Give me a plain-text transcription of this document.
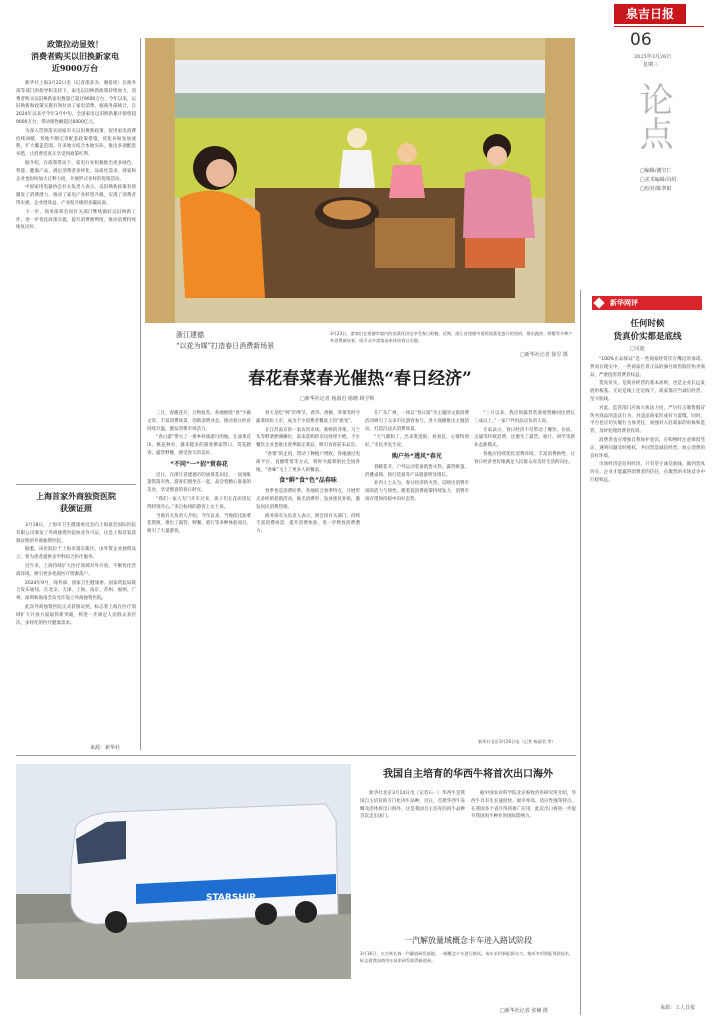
泉吉日报
06
2025年3月26日
星期三
论点
□编辑/谢宝仁
□美术编辑/冯绍
□校对/陈翠娟
政策拉动显效！
消费者购买以旧换新家电
近9000万台

新华社上海3月22日电（记者邵多为、谢希瑶）在商务部等部门的指导和支持下，家电以旧换新政策持续加力，消费者购买以旧换新家电数量已超过9000万台，今年以来，以旧换新和政策实施有效拉动了家电消费。据商务部统计，自2024年以来至今年3月中旬，全国家电以旧换新累计销售超9000万台，带动销售额超过6000亿元。

为深入贯彻落实国家有关以旧换新政策，促进家电消费持续回暖，各地不断完善配套政策措施，优化补贴发放流程，扩大覆盖范围。许多地方结合本地实际，推出多项配套举措，让消费者真正享受到政策红利。

据介绍，在政策带动下，家电行业积极推出更多绿色、智能、健康产品，满足消费者多样化、品质化需求。商家和企业也纷纷加大让利力度，开展形式多样的促销活动。

中国家用电器协会有关负责人表示，以旧换新政策有效激发了消费潜力，推动了家电产业转型升级，实现了消费者得实惠、企业增效益、产业促升级的多赢局面。

下一步，商务部将会同有关部门继续做好以旧换新工作，进一步优化政策实施，提升消费便利度，推动消费持续恢复向好。

上海首家外商独资医院
获颁证照

3月18日，上海市卫生健康委员会向上海嘉会国际医院有限公司颁发了外商独资医院执业许可证，这是上海首家获颁证照的外商独资医院。

据悉，该医院位于上海市浦东新区，由外资企业独资设立，将为患者提供多学科综合医疗服务。

近年来，上海持续扩大医疗领域对外开放，不断优化营商环境，吸引更多优质医疗资源落户。

2024年9月，商务部、国家卫生健康委、国家药监局联合发布通知，在北京、天津、上海、南京、苏州、福州、广州、深圳和海南全岛允许设立外商独资医院。

此次外商独资医院正式获颁证照，标志着上海在医疗领域扩大开放方面取得新突破，将进一步满足人民群众多层次、多样化的医疗健康需求。

来源：新华社
浙江建德
“以花为媒”打造春日消费新场景
3月23日，游客们在建德市境内的油菜花田边享受春日野餐。近期，浙江省建德市借助油菜花盛开的契机，推出露营、野餐等多种户外消费新场景，吸引众多游客前来体验春日乐趣。
□新华社记者 徐昱 摄
春花春菜春光催热“春日经济”
□新华社记者 杨淑君 杨珊 顾宇辉

三月，春暖花开，万物复苏。各地围绕“春”字做文章，丰富消费场景，创新消费业态，推动春日经济持续升温，激发消费市场活力。

“春日游”带火了一批乡村旅游目的地。在油菜花田、桃花林旁，越来越多的游客携家带口，赏花踏青、露营野餐，感受春天的美好。

“不同”一“招”赏春花

近日，在浙江省建德市的油菜花田边，一顶顶帐篷错落有致，游客们围坐在一起，品尝着精心准备的美食，享受惬意的春日时光。

“我们一家人专门开车过来，孩子们在花田里玩得特别开心。”来自杭州的游客王女士说。

当地有关负责人介绍，今年以来，当地依托油菜花资源，推出了露营、野餐、骑行等多种体验项目，吸引了大量游客。

春天是吃“鲜”的季节。春笋、香椿、荠菜等时令蔬菜纷纷上市，成为不少消费者餐桌上的“新宠”。

在江苏南京的一家农贸市场，新鲜的荠菜、马兰头等野菜摆满摊位，前来选购的市民络绎不绝。不少餐饮企业也推出春季限定菜品，吸引食客前来品尝。

“春菜”的走俏，带动了种植户增收。各地通过电商平台、直播带货等方式，将时令蔬菜销往全国各地，“春味”飞上了更多人的餐桌。

食“鲜”食“色”品春味

春季也是消费旺季。各地结合春季特点，开展形式多样的促销活动，推出消费券，发放惠民补贴，激发居民消费热情。

商务部有关负责人表示，将会同有关部门，持续丰富消费场景，提升消费体验，进一步释放消费潜力。

在广东广州，一场以“春日游”为主题的文旅消费活动吸引了众多市民游客参与。各大商圈推出主题活动，打造沉浸式消费场景。

“天气暖和了，出来逛逛街、看看花，心情特别好。”市民李先生说。

购户外“透风”春光

春暖花开，户外运动装备销售火热。露营帐篷、折叠桌椅、骑行装备等产品销量明显增长。

业内人士认为，春日经济的火热，反映出消费市场的活力与韧性。随着促消费政策持续发力，消费市场有望保持稳中向好态势。

“三月以来，我店的露营装备销售额同比增长三成以上。”一家户外用品店负责人说。

专家表示，春日经济不仅带动了餐饮、住宿、交通等传统消费，还催生了露营、骑行、研学等新业态新模式。

各地应持续优化消费环境，丰富消费供给，让春日经济更好地满足人民群众对美好生活的向往。

新华社北京3月20日电（记者 杨淑君 等）
STARSHIP
我国自主培育的华西牛将首次出口海外

新华社北京3月14日电（记者石一）华西牛是我国自主培育的专门化肉牛品种，近日，首批华西牛冻精及活体将出口海外，这是我国自主培育的肉牛品种首次走出国门。

据中国农业科学院北京畜牧兽医研究所介绍，华西牛具有生长速度快、屠宰率高、适应性强等特点，在我国多个省区得到推广应用，此次出口将进一步提升我国肉牛种业的国际影响力。

一汽解放量域概念卡车进入路试阶段
3月16日，在吉林长春一汽解放研发基地，一辆概念卡车进行路试。该车采用新能源动力，集成多项智能驾驶技术，标志着我国商用车技术研发取得新进展。
□新华社记者 张楠 摄
新华网评
任何时候
货真价实都是底线
□吴迪

“100%正品保证”是一些商家经常挂在嘴边的承诺。然而在现实中，一些商家打着正品的旗号销售假冒伪劣商品，严重侵害消费者权益。

货真价实，是商业经营的基本准则，也是企业长远发展的根基。无论是线上还是线下，商家都应当诚信经营，坚守底线。

对此，监管部门应加大执法力度，严厉打击制售假冒伪劣商品的违法行为，对违法商家形成有力震慑。同时，平台也应切实履行主体责任，加强对入驻商家的审核和监管，及时处理消费者投诉。

消费者也应增强自我保护意识，在购物时注意保留凭证，遇到问题及时维权，共同营造诚信经营、放心消费的良好环境。

市场经济是信用经济。只有坚守诚信底线，做到货真价实，企业才能赢得消费者的信任，在激烈的市场竞争中行稳致远。

来源：工人日报
